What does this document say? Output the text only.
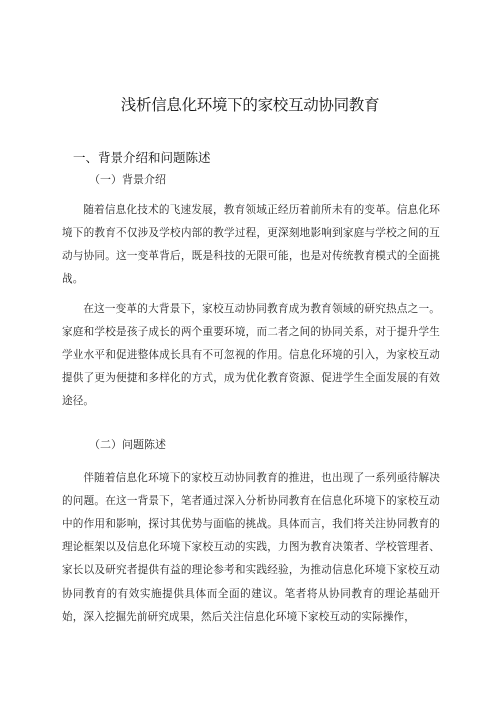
浅析信息化环境下的家校互动协同教育
一、背景介绍和问题陈述
（一）背景介绍

随着信息化技术的飞速发展，教育领域正经历着前所未有的变革。信息化环境下的教育不仅涉及学校内部的教学过程，更深刻地影响到家庭与学校之间的互动与协同。这一变革背后，既是科技的无限可能，也是对传统教育模式的全面挑战。

在这一变革的大背景下，家校互动协同教育成为教育领域的研究热点之一。家庭和学校是孩子成长的两个重要环境，而二者之间的协同关系，对于提升学生学业水平和促进整体成长具有不可忽视的作用。信息化环境的引入，为家校互动提供了更为便捷和多样化的方式，成为优化教育资源、促进学生全面发展的有效途径。

（二）问题陈述

伴随着信息化环境下的家校互动协同教育的推进，也出现了一系列亟待解决的问题。在这一背景下，笔者通过深入分析协同教育在信息化环境下的家校互动中的作用和影响，探讨其优势与面临的挑战。具体而言，我们将关注协同教育的理论框架以及信息化环境下家校互动的实践，力图为教育决策者、学校管理者、家长以及研究者提供有益的理论参考和实践经验，为推动信息化环境下家校互动协同教育的有效实施提供具体而全面的建议。笔者将从协同教育的理论基础开始，深入挖掘先前研究成果，然后关注信息化环境下家校互动的实际操作，
